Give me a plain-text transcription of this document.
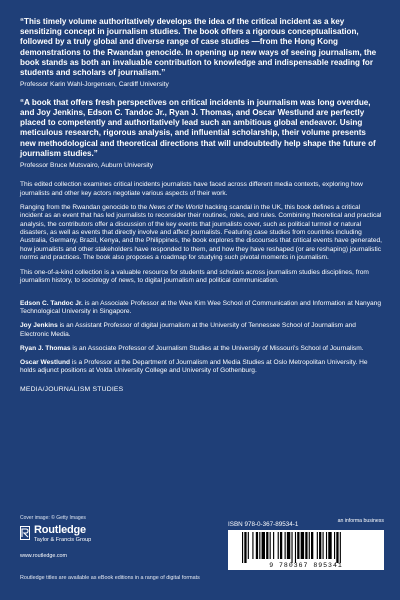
“This timely volume authoritatively develops the idea of the critical incident as a key sensitizing concept in journalism studies. The book offers a rigorous conceptualisation, followed by a truly global and diverse range of case studies —from the Hong Kong demonstrations to the Rwandan genocide. In opening up new ways of seeing journalism, the book stands as both an invaluable contribution to knowledge and indispensable reading for students and scholars of journalism.”

Professor Karin Wahl-Jorgensen, Cardiff University

“A book that offers fresh perspectives on critical incidents in journalism was long overdue, and Joy Jenkins, Edson C. Tandoc Jr., Ryan J. Thomas, and Oscar Westlund are perfectly placed to competently and authoritatively lead such an ambitious global endeavor. Using meticulous research, rigorous analysis, and influential scholarship, their volume presents new methodological and theoretical directions that will undoubtedly help shape the future of journalism studies.”

Professor Bruce Mutsvairo, Auburn University

This edited collection examines critical incidents journalists have faced across different media contexts, exploring how journalists and other key actors negotiate various aspects of their work.

Ranging from the Rwandan genocide to the News of the World hacking scandal in the UK, this book defines a critical incident as an event that has led journalists to reconsider their routines, roles, and rules. Combining theoretical and practical analysis, the contributors offer a discussion of the key events that journalists cover, such as political turmoil or natural disasters, as well as events that directly involve and affect journalists. Featuring case studies from countries including Australia, Germany, Brazil, Kenya, and the Philippines, the book explores the discourses that critical events have generated, how journalists and other stakeholders have responded to them, and how they have reshaped (or are reshaping) journalistic norms and practices. The book also proposes a roadmap for studying such pivotal moments in journalism.

This one-of-a-kind collection is a valuable resource for students and scholars across journalism studies disciplines, from journalism history, to sociology of news, to digital journalism and political communication.

Edson C. Tandoc Jr. is an Associate Professor at the Wee Kim Wee School of Communication and Information at Nanyang Technological University in Singapore.

Joy Jenkins is an Assistant Professor of digital journalism at the University of Tennessee School of Journalism and Electronic Media.

Ryan J. Thomas is an Associate Professor of Journalism Studies at the University of Missouri's School of Journalism.

Oscar Westlund is a Professor at the Department of Journalism and Media Studies at Oslo Metropolitan University. He holds adjunct positions at Volda University College and University of Gothenburg.

MEDIA/JOURNALISM STUDIES
Cover image: © Getty Images
Routledge
Taylor & Francis Group
www.routledge.com
ISBN 978-0-367-89534-1	an informa business
9 780367 895341
Routledge titles are available as eBook editions in a range of digital formats
